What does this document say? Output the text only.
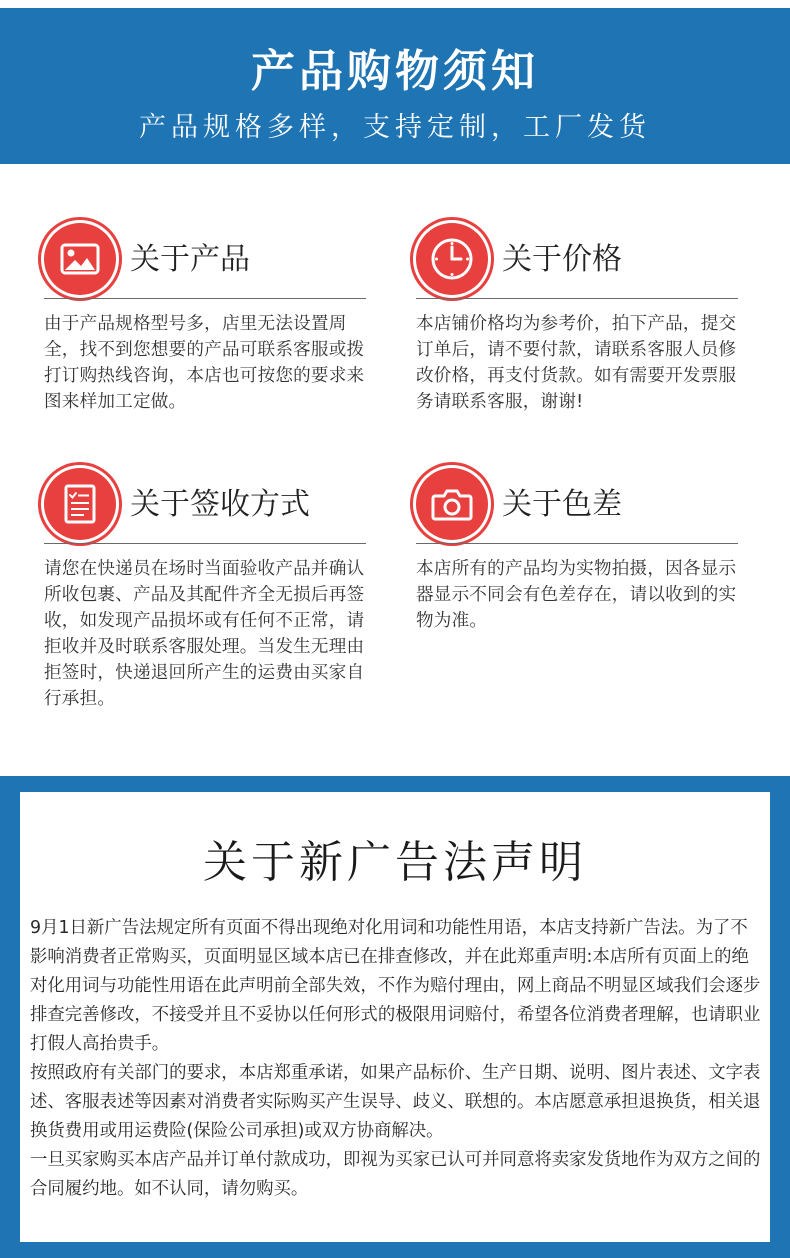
产品购物须知
产品规格多样，支持定制，工厂发货
关于产品
由于产品规格型号多，店里无法设置周全，找不到您想要的产品可联系客服或拨打订购热线咨询，本店也可按您的要求来图来样加工定做。
关于价格
本店铺价格均为参考价，拍下产品，提交订单后，请不要付款，请联系客服人员修改价格，再支付货款。如有需要开发票服务请联系客服，谢谢!
关于签收方式
请您在快递员在场时当面验收产品并确认所收包裹、产品及其配件齐全无损后再签收，如发现产品损坏或有任何不正常，请拒收并及时联系客服处理。当发生无理由拒签时，快递退回所产生的运费由买家自行承担。
关于色差
本店所有的产品均为实物拍摄，因各显示器显示不同会有色差存在，请以收到的实物为准。
关于新广告法声明

9月1日新广告法规定所有页面不得出现绝对化用词和功能性用语，本店支持新广告法。为了不影响消费者正常购买，页面明显区域本店已在排查修改，并在此郑重声明:本店所有页面上的绝对化用词与功能性用语在此声明前全部失效，不作为赔付理由，网上商品不明显区域我们会逐步排查完善修改，不接受并且不妥协以任何形式的极限用词赔付，希望各位消费者理解，也请职业打假人高抬贵手。

按照政府有关部门的要求，本店郑重承诺，如果产品标价、生产日期、说明、图片表述、文字表述、客服表述等因素对消费者实际购买产生误导、歧义、联想的。本店愿意承担退换货，相关退换货费用或用运费险(保险公司承担)或双方协商解决。

一旦买家购买本店产品并订单付款成功，即视为买家已认可并同意将卖家发货地作为双方之间的合同履约地。如不认同，请勿购买。
